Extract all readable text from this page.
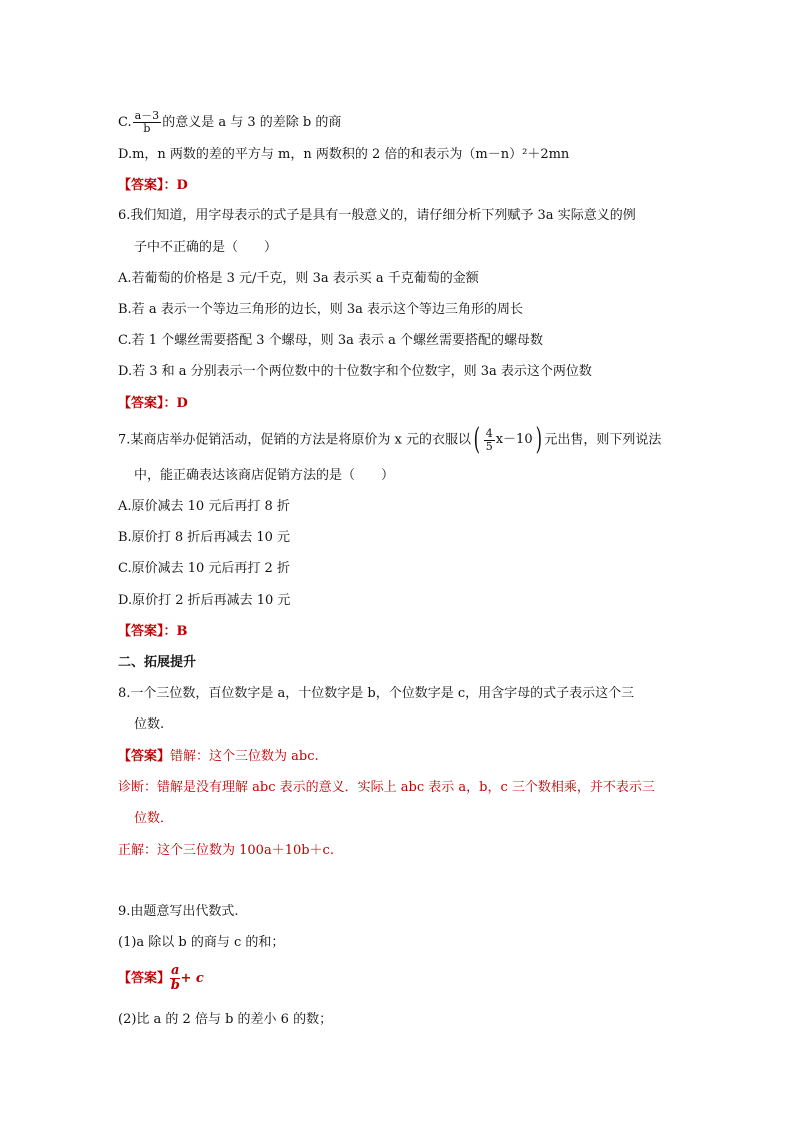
C. $\frac{a-3}{b}$ 的意义是 a 与 3 的差除 b 的商
D.m，n 两数的差的平方与 m，n 两数积的 2 倍的和表示为（m－n）²＋2mn
【答案】：D
6.我们知道，用字母表示的式子是具有一般意义的，请仔细分析下列赋予 3a 实际意义的例
子中不正确的是（　　）
A.若葡萄的价格是 3 元/千克，则 3a 表示买 a 千克葡萄的金额
B.若 a 表示一个等边三角形的边长，则 3a 表示这个等边三角形的周长
C.若 1 个螺丝需要搭配 3 个螺母，则 3a 表示 a 个螺丝需要搭配的螺母数
D.若 3 和 a 分别表示一个两位数中的十位数字和个位数字，则 3a 表示这个两位数
【答案】：D
7.某商店举办促销活动，促销的方法是将原价为 x 元的衣服以 ( $\frac{4}{5} x-10$ ) 元出售，则下列说法
中，能正确表达该商店促销方法的是（　　）
A.原价减去 10 元后再打 8 折
B.原价打 8 折后再减去 10 元
C.原价减去 10 元后再打 2 折
D.原价打 2 折后再减去 10 元
【答案】：B
二、拓展提升
8.一个三位数，百位数字是 a，十位数字是 b，个位数字是 c，用含字母的式子表示这个三
位数.
【答案】错解：这个三位数为 abc.
诊断：错解是没有理解 abc 表示的意义．实际上 abc 表示 a，b，c 三个数相乘，并不表示三
位数．
正解：这个三位数为 100a＋10b＋c.
9.由题意写出代数式.
(1)a 除以 b 的商与 c 的和；
【答案】 $\frac{a}{b} + c$
(2)比 a 的 2 倍与 b 的差小 6 的数；
